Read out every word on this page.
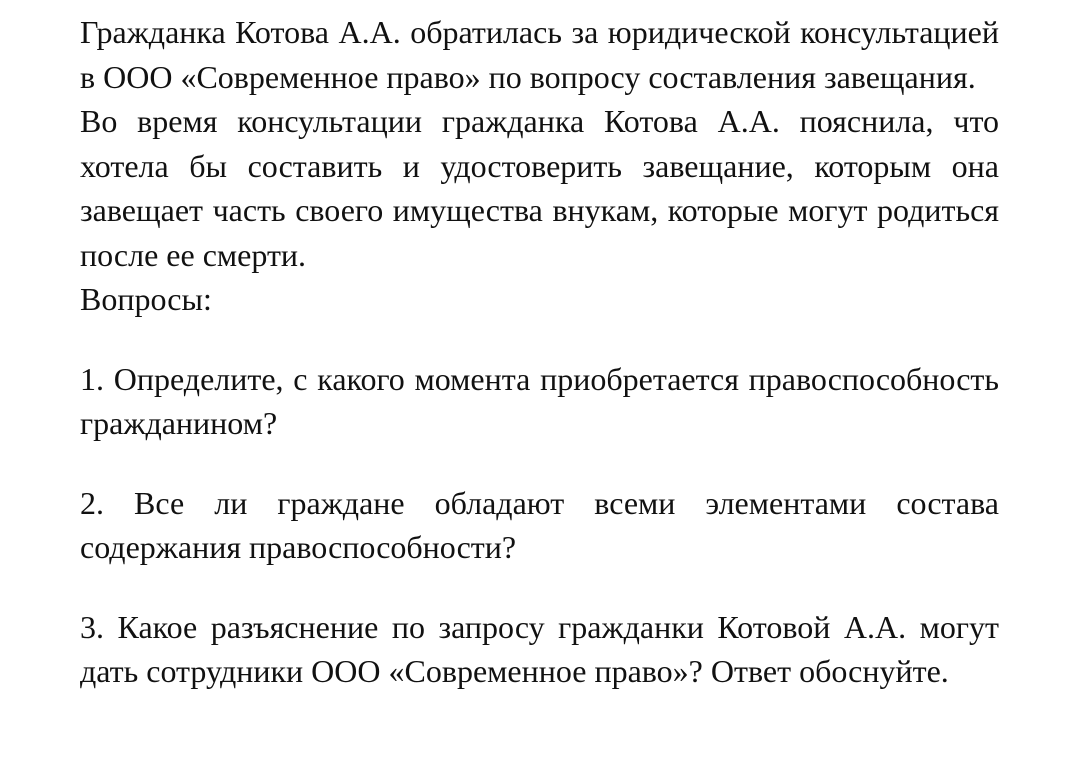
Гражданка Котова А.А. обратилась за юридической консультацией в ООО «Современное право» по вопросу составления завещания.

Во время консультации гражданка Котова А.А. пояснила, что хотела бы составить и удостоверить завещание, которым она завещает часть своего имущества внукам, которые могут родиться после ее смерти.

Вопросы:

1. Определите, с какого момента приобретается правоспособность гражданином?

2. Все ли граждане обладают всеми элементами состава содержания правоспособности?

3. Какое разъяснение по запросу гражданки Котовой А.А. могут дать сотрудники ООО «Современное право»? Ответ обоснуйте.
